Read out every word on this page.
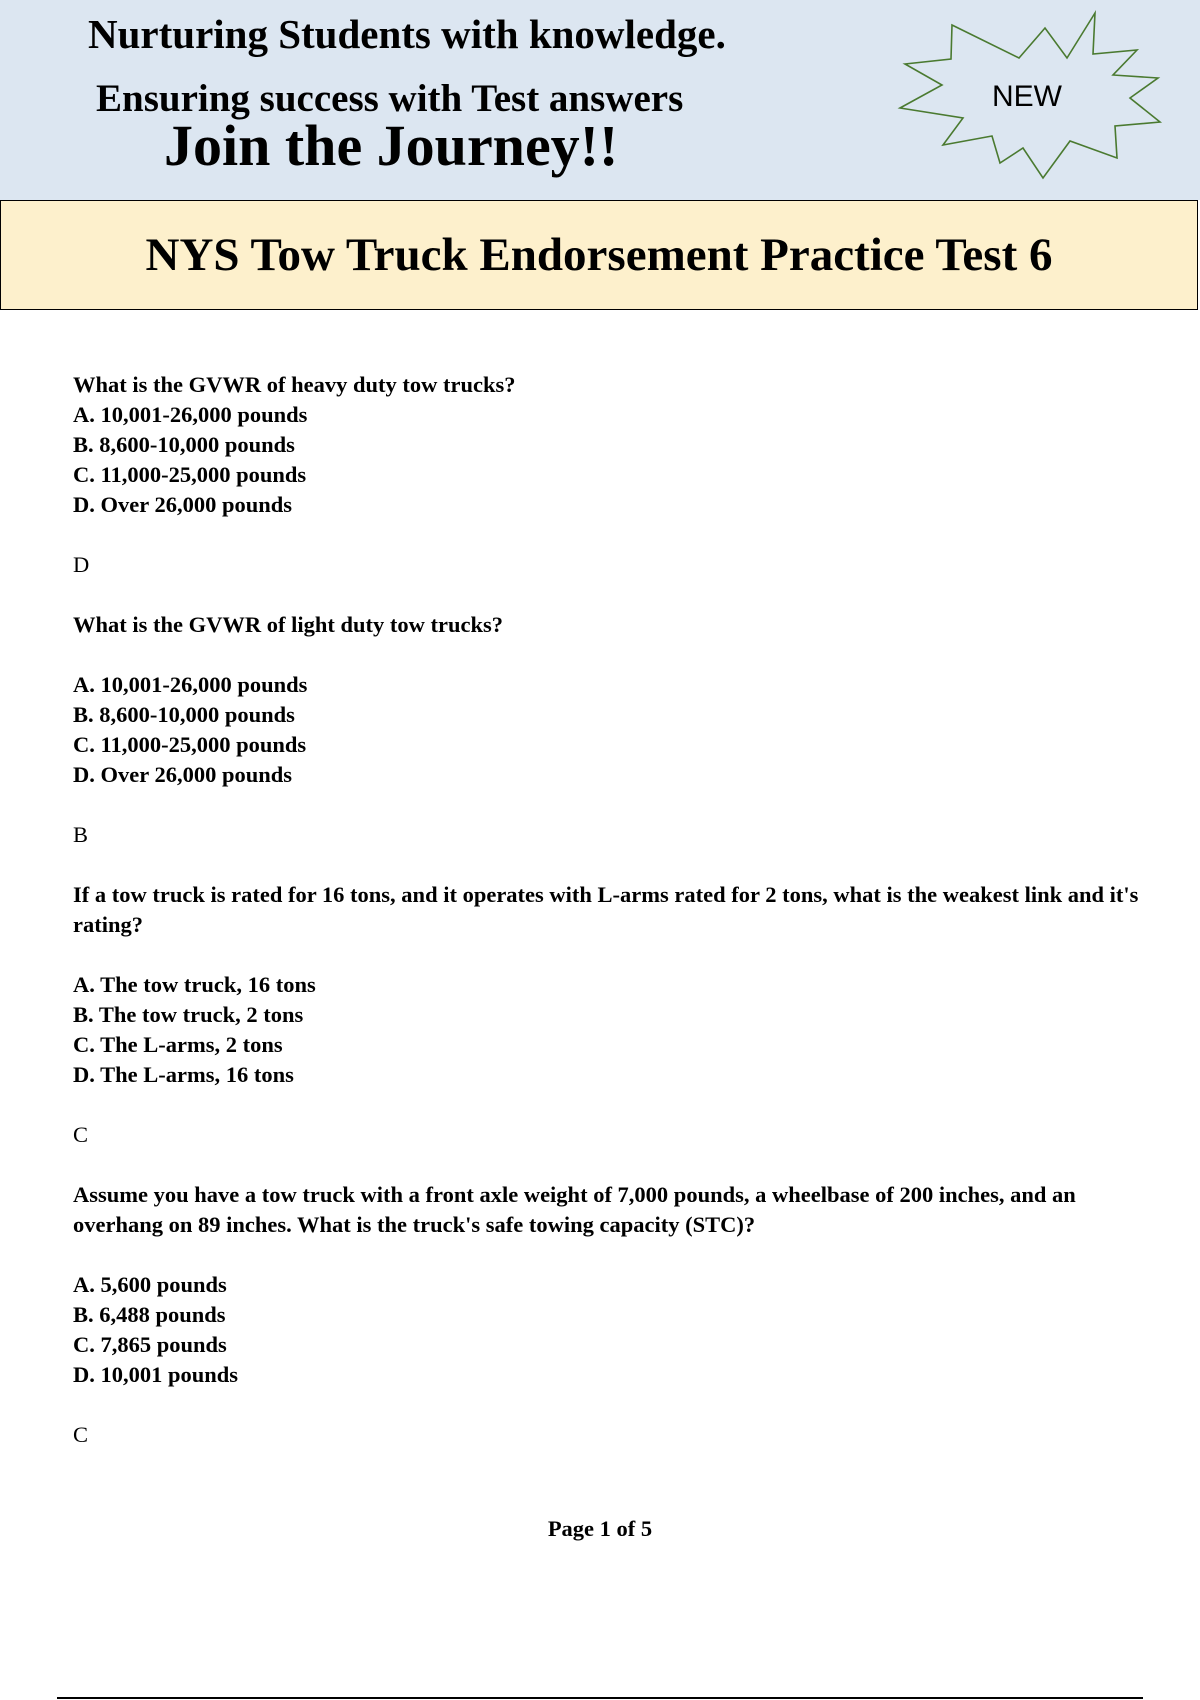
Nurturing Students with knowledge.
Ensuring success with Test answers
Join the Journey!!
NEW
NYS Tow Truck Endorsement Practice Test 6
What is the GVWR of heavy duty tow trucks?
A. 10,001-26,000 pounds
B. 8,600-10,000 pounds
C. 11,000-25,000 pounds
D. Over 26,000 pounds
D
What is the GVWR of light duty tow trucks?
A. 10,001-26,000 pounds
B. 8,600-10,000 pounds
C. 11,000-25,000 pounds
D. Over 26,000 pounds
B
If a tow truck is rated for 16 tons, and it operates with L-arms rated for 2 tons, what is the weakest link and it's rating?
A. The tow truck, 16 tons
B. The tow truck, 2 tons
C. The L-arms, 2 tons
D. The L-arms, 16 tons
C
Assume you have a tow truck with a front axle weight of 7,000 pounds, a wheelbase of 200 inches, and an overhang on 89 inches. What is the truck's safe towing capacity (STC)?
A. 5,600 pounds
B. 6,488 pounds
C. 7,865 pounds
D. 10,001 pounds
C
Page 1 of 5
